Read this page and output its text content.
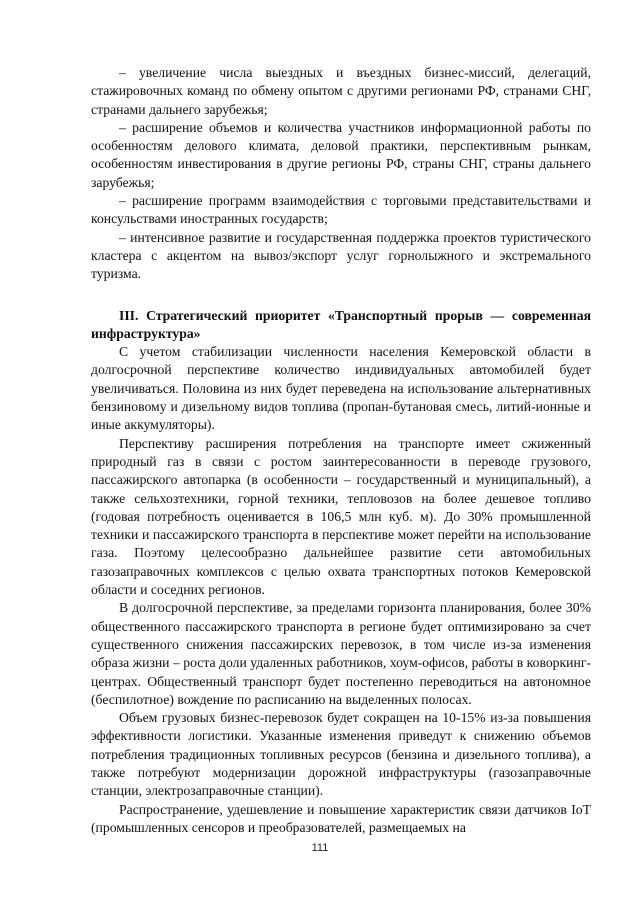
– увеличение числа выездных и въездных бизнес-миссий, делегаций, стажировочных команд по обмену опытом с другими регионами РФ, странами СНГ, странами дальнего зарубежья;

– расширение объемов и количества участников информационной работы по особенностям делового климата, деловой практики, перспективным рынкам, особенностям инвестирования в другие регионы РФ, страны СНГ, страны дальнего зарубежья;

– расширение программ взаимодействия с торговыми представительствами и консульствами иностранных государств;

– интенсивное развитие и государственная поддержка проектов туристического кластера с акцентом на вывоз/экспорт услуг горнолыжного и экстремального туризма.

III. Стратегический приоритет «Транспортный прорыв — современная инфраструктура»

С учетом стабилизации численности населения Кемеровской области в долгосрочной перспективе количество индивидуальных автомобилей будет увеличиваться. Половина из них будет переведена на использование альтернативных бензиновому и дизельному видов топлива (пропан-бутановая смесь, литий-ионные и иные аккумуляторы).

Перспективу расширения потребления на транспорте имеет сжиженный природный газ в связи с ростом заинтересованности в переводе грузового, пассажирского автопарка (в особенности – государственный и муниципальный), а также сельхозтехники, горной техники, тепловозов на более дешевое топливо (годовая потребность оценивается в 106,5 млн куб. м). До 30% промышленной техники и пассажирского транспорта в перспективе может перейти на использование газа. Поэтому целесообразно дальнейшее развитие сети автомобильных газозаправочных комплексов с целью охвата транспортных потоков Кемеровской области и соседних регионов.

В долгосрочной перспективе, за пределами горизонта планирования, более 30% общественного пассажирского транспорта в регионе будет оптимизировано за счет существенного снижения пассажирских перевозок, в том числе из-за изменения образа жизни – роста доли удаленных работников, хоум-офисов, работы в коворкинг-центрах. Общественный транспорт будет постепенно переводиться на автономное (беспилотное) вождение по расписанию на выделенных полосах.

Объем грузовых бизнес-перевозок будет сокращен на 10-15% из-за повышения эффективности логистики. Указанные изменения приведут к снижению объемов потребления традиционных топливных ресурсов (бензина и дизельного топлива), а также потребуют модернизации дорожной инфраструктуры (газозаправочные станции, электрозаправочные станции).

Распространение, удешевление и повышение характеристик связи датчиков IoT (промышленных сенсоров и преобразователей, размещаемых на

111
